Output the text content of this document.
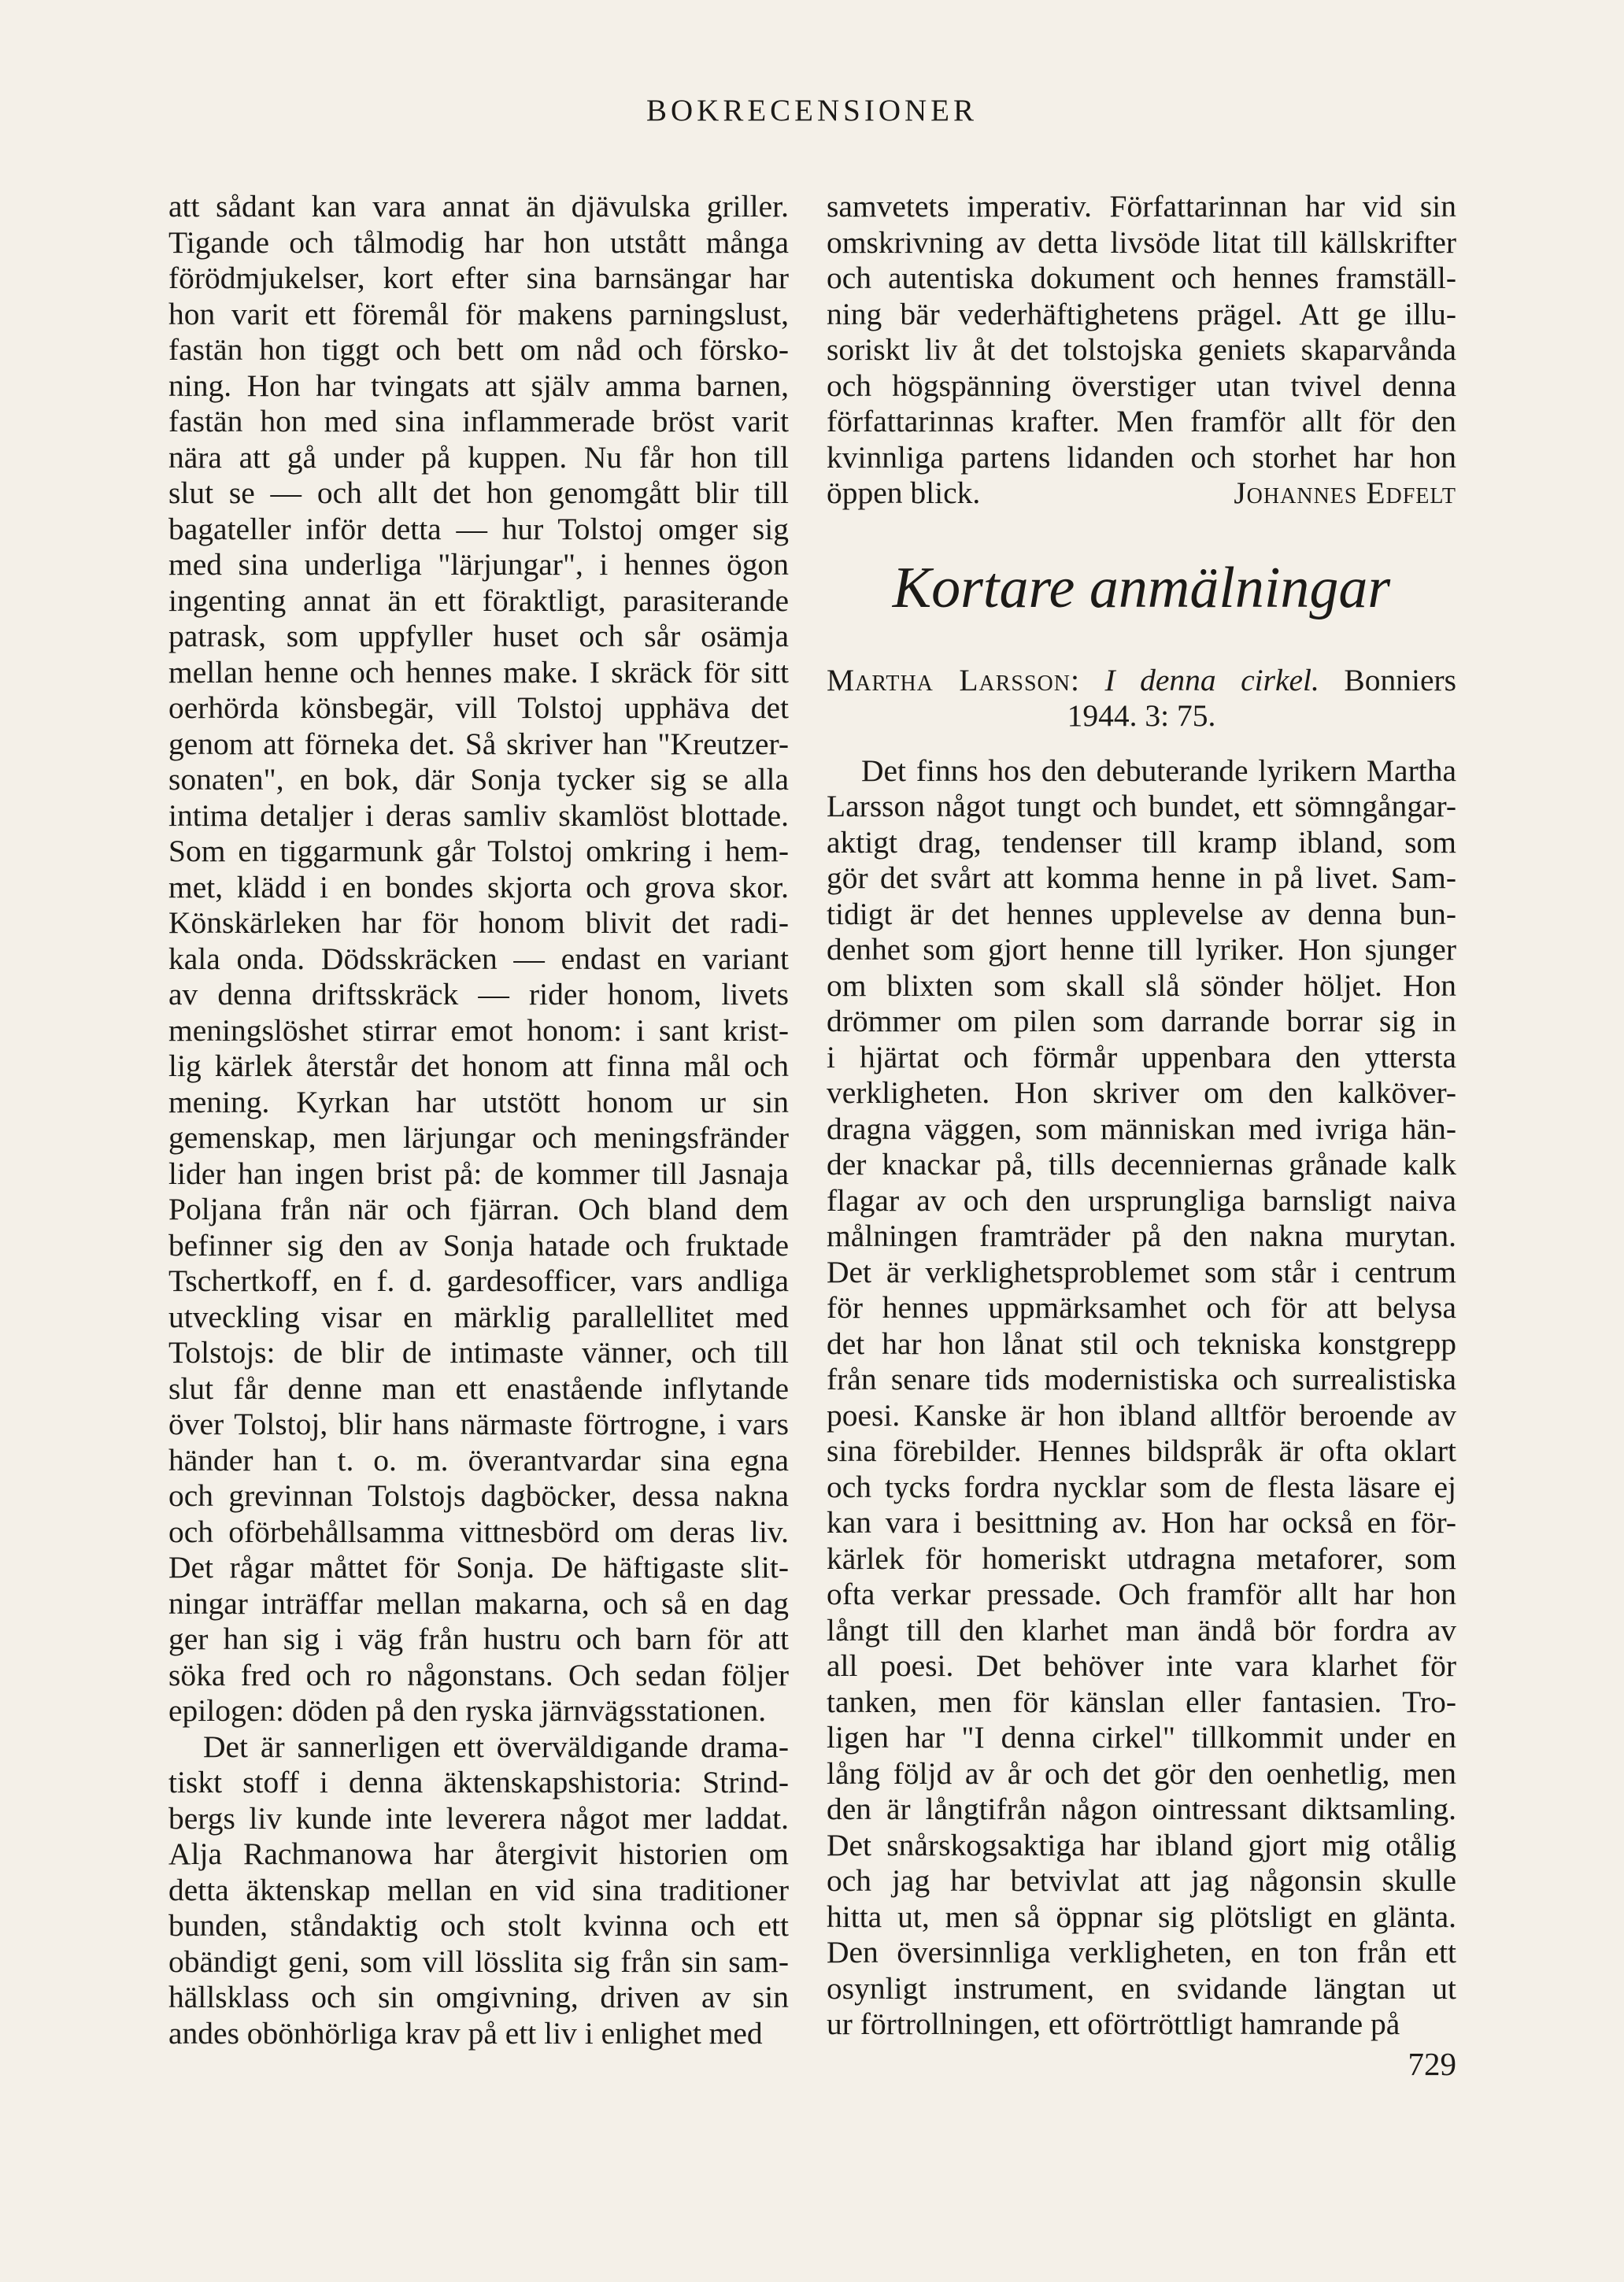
BOKRECENSIONER
att sådant kan vara annat än djävulska griller.
Tigande och tålmodig har hon utstått många
förödmjukelser, kort efter sina barnsängar har
hon varit ett föremål för makens parningslust,
fastän hon tiggt och bett om nåd och försko-
ning. Hon har tvingats att själv amma barnen,
fastän hon med sina inflammerade bröst varit
nära att gå under på kuppen. Nu får hon till
slut se — och allt det hon genomgått blir till
bagateller inför detta — hur Tolstoj omger sig
med sina underliga "lärjungar", i hennes ögon
ingenting annat än ett föraktligt, parasiterande
patrask, som uppfyller huset och sår osämja
mellan henne och hennes make. I skräck för sitt
oerhörda könsbegär, vill Tolstoj upphäva det
genom att förneka det. Så skriver han "Kreutzer-
sonaten", en bok, där Sonja tycker sig se alla
intima detaljer i deras samliv skamlöst blottade.
Som en tiggarmunk går Tolstoj omkring i hem-
met, klädd i en bondes skjorta och grova skor.
Könskärleken har för honom blivit det radi-
kala onda. Dödsskräcken — endast en variant
av denna driftsskräck — rider honom, livets
meningslöshet stirrar emot honom: i sant krist-
lig kärlek återstår det honom att finna mål och
mening. Kyrkan har utstött honom ur sin
gemenskap, men lärjungar och meningsfränder
lider han ingen brist på: de kommer till Jasnaja
Poljana från när och fjärran. Och bland dem
befinner sig den av Sonja hatade och fruktade
Tschertkoff, en f. d. gardesofficer, vars andliga
utveckling visar en märklig parallellitet med
Tolstojs: de blir de intimaste vänner, och till
slut får denne man ett enastående inflytande
över Tolstoj, blir hans närmaste förtrogne, i vars
händer han t. o. m. överantvardar sina egna
och grevinnan Tolstojs dagböcker, dessa nakna
och oförbehållsamma vittnesbörd om deras liv.
Det rågar måttet för Sonja. De häftigaste slit-
ningar inträffar mellan makarna, och så en dag
ger han sig i väg från hustru och barn för att
söka fred och ro någonstans. Och sedan följer
epilogen: döden på den ryska järnvägsstationen.
Det är sannerligen ett överväldigande drama-
tiskt stoff i denna äktenskapshistoria: Strind-
bergs liv kunde inte leverera något mer laddat.
Alja Rachmanowa har återgivit historien om
detta äktenskap mellan en vid sina traditioner
bunden, ståndaktig och stolt kvinna och ett
obändigt geni, som vill lösslita sig från sin sam-
hällsklass och sin omgivning, driven av sin
andes obönhörliga krav på ett liv i enlighet med
samvetets imperativ. Författarinnan har vid sin
omskrivning av detta livsöde litat till källskrifter
och autentiska dokument och hennes framställ-
ning bär vederhäftighetens prägel. Att ge illu-
soriskt liv åt det tolstojska geniets skaparvånda
och högspänning överstiger utan tvivel denna
författarinnas krafter. Men framför allt för den
kvinnliga partens lidanden och storhet har hon
öppen blick.	Johannes Edfelt
Kortare anmälningar
Martha Larsson: I denna cirkel. Bonniers
1944. 3: 75.
Det finns hos den debuterande lyrikern Martha
Larsson något tungt och bundet, ett sömngångar-
aktigt drag, tendenser till kramp ibland, som
gör det svårt att komma henne in på livet. Sam-
tidigt är det hennes upplevelse av denna bun-
denhet som gjort henne till lyriker. Hon sjunger
om blixten som skall slå sönder höljet. Hon
drömmer om pilen som darrande borrar sig in
i hjärtat och förmår uppenbara den yttersta
verkligheten. Hon skriver om den kalköver-
dragna väggen, som människan med ivriga hän-
der knackar på, tills decenniernas grånade kalk
flagar av och den ursprungliga barnsligt naiva
målningen framträder på den nakna murytan.
Det är verklighetsproblemet som står i centrum
för hennes uppmärksamhet och för att belysa
det har hon lånat stil och tekniska konstgrepp
från senare tids modernistiska och surrealistiska
poesi. Kanske är hon ibland alltför beroende av
sina förebilder. Hennes bildspråk är ofta oklart
och tycks fordra nycklar som de flesta läsare ej
kan vara i besittning av. Hon har också en för-
kärlek för homeriskt utdragna metaforer, som
ofta verkar pressade. Och framför allt har hon
långt till den klarhet man ändå bör fordra av
all poesi. Det behöver inte vara klarhet för
tanken, men för känslan eller fantasien. Tro-
ligen har "I denna cirkel" tillkommit under en
lång följd av år och det gör den oenhetlig, men
den är långtifrån någon ointressant diktsamling.
Det snårskogsaktiga har ibland gjort mig otålig
och jag har betvivlat att jag någonsin skulle
hitta ut, men så öppnar sig plötsligt en glänta.
Den översinnliga verkligheten, en ton från ett
osynligt instrument, en svidande längtan ut
ur förtrollningen, ett oförtröttligt hamrande på
729
